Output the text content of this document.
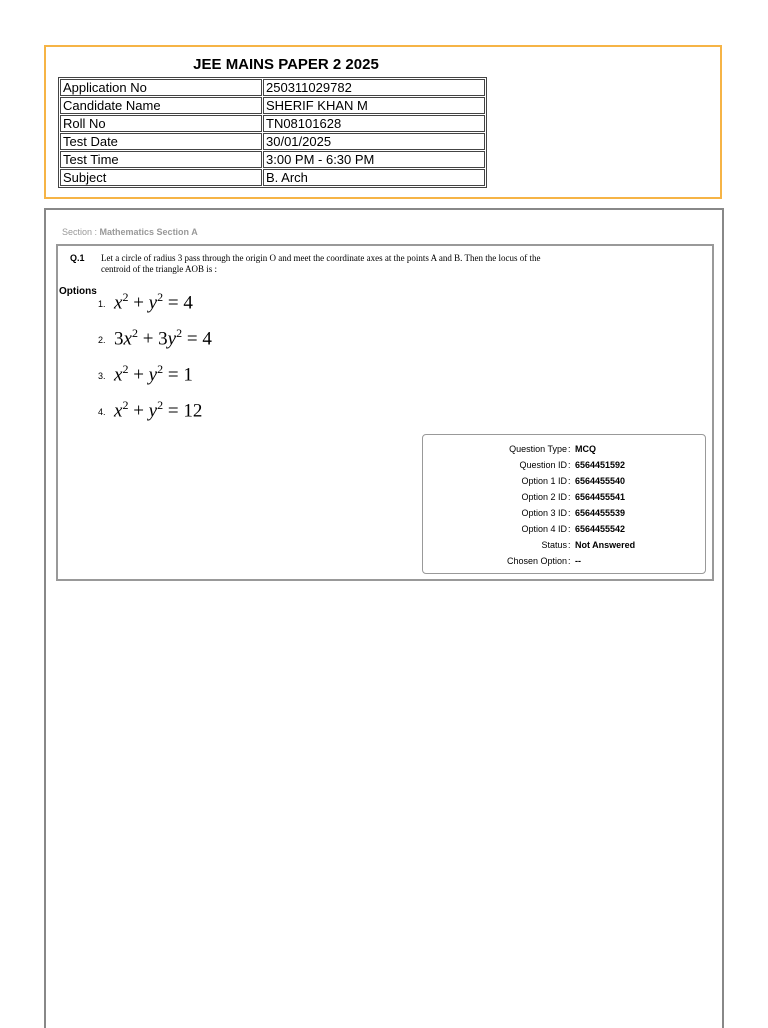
JEE MAINS PAPER 2 2025
Application No	250311029782
Candidate Name	SHERIF KHAN M
Roll No	TN08101628
Test Date	30/01/2025
Test Time	3:00 PM - 6:30 PM
Subject	B. Arch
Section : Mathematics Section A
Q.1 Let a circle of radius 3 pass through the origin O and meet the coordinate axes at the points A and B. Then the locus of the centroid of the triangle AOB is :
Options
1. $x^2 + y^2 = 4$
2. $3x^2 + 3y^2 = 4$
3. $x^2 + y^2 = 1$
4. $x^2 + y^2 = 12$
Question Type : MCQ
Question ID : 6564451592
Option 1 ID : 6564455540
Option 2 ID : 6564455541
Option 3 ID : 6564455539
Option 4 ID : 6564455542
Status : Not Answered
Chosen Option : --
